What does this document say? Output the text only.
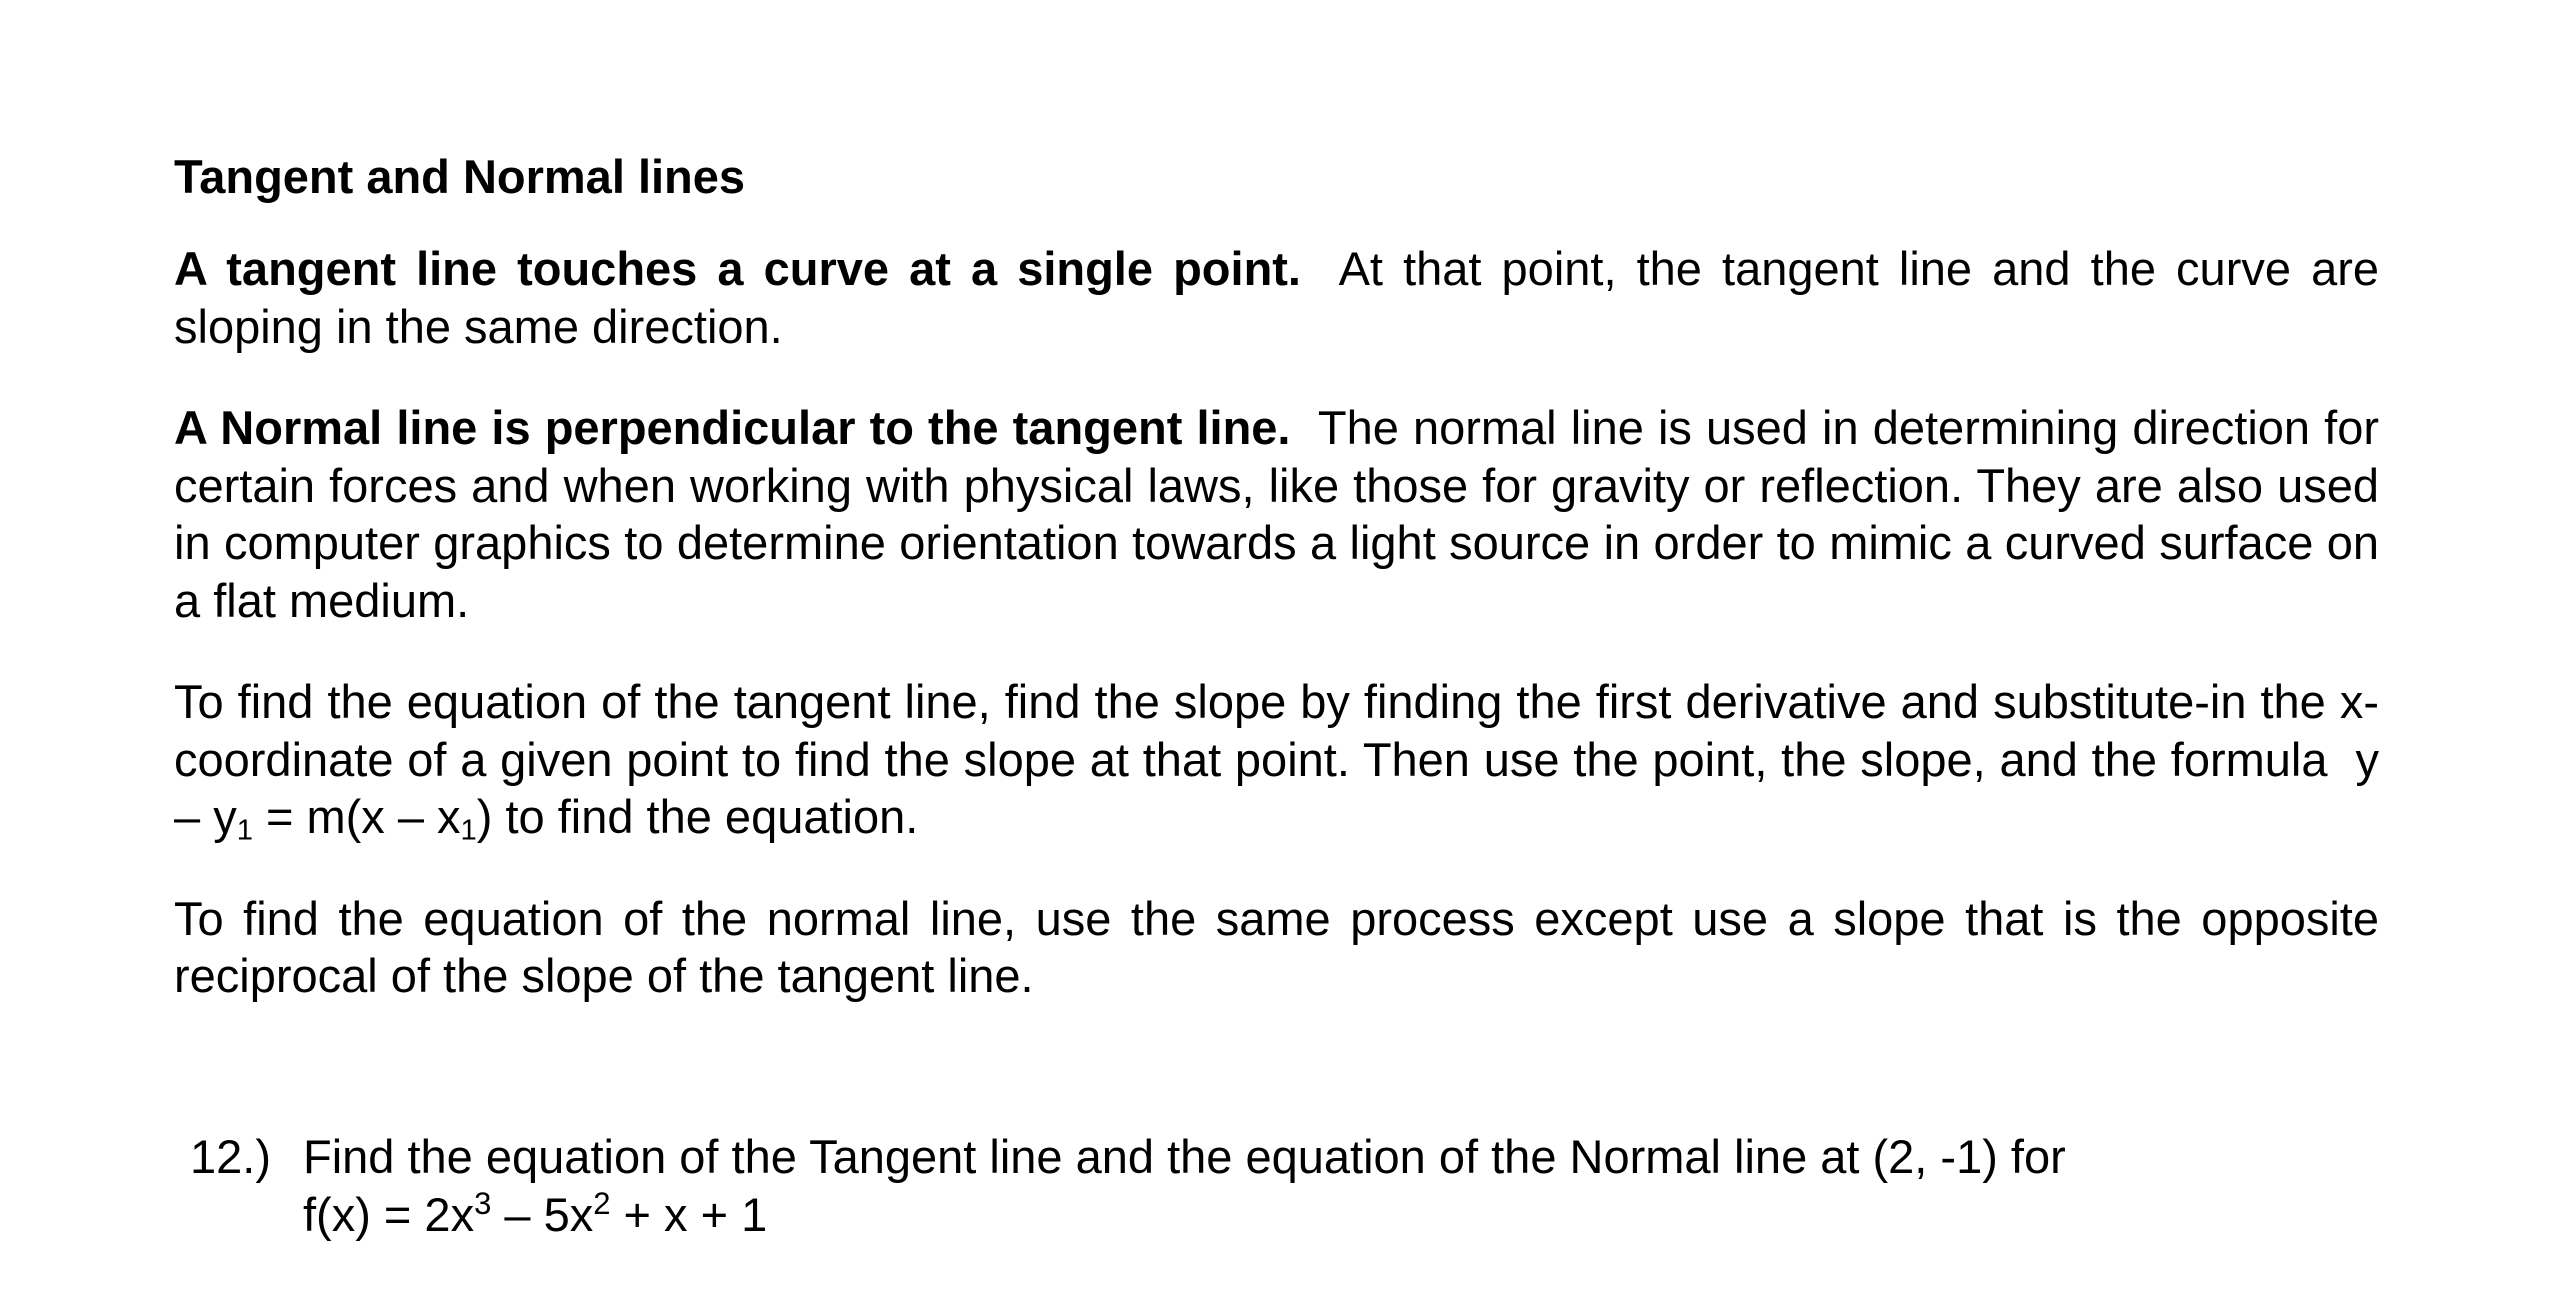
Tangent and Normal lines

A tangent line touches a curve at a single point. At that point, the tangent line and the curve are sloping in the same direction.

A Normal line is perpendicular to the tangent line. The normal line is used in determining direction for certain forces and when working with physical laws, like those for gravity or reflection. They are also used in computer graphics to determine orientation towards a light source in order to mimic a curved surface on a flat medium.

To find the equation of the tangent line, find the slope by finding the first derivative and substitute-in the x-coordinate of a given point to find the slope at that point. Then use the point, the slope, and the formula $y - y_1 = m(x - x_1)$ to find the equation.

To find the equation of the normal line, use the same process except use a slope that is the opposite reciprocal of the slope of the tangent line.

12.) Find the equation of the Tangent line and the equation of the Normal line at (2, -1) for
$f(x) = 2x^3 - 5x^2 + x + 1$
